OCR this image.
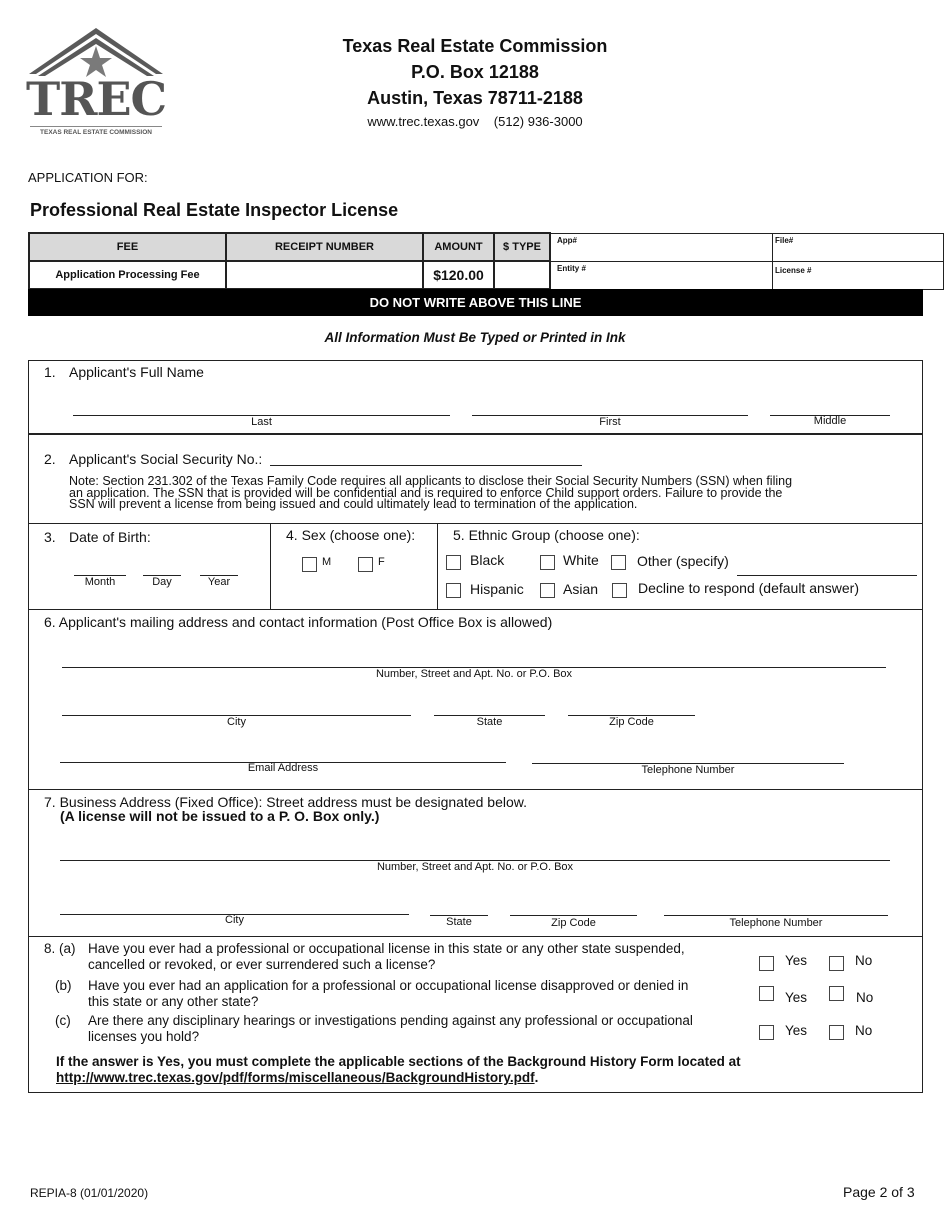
TREC
TEXAS REAL ESTATE COMMISSION
Texas Real Estate Commission
P.O. Box 12188
Austin, Texas 78711-2188
www.trec.texas.gov (512) 936-3000
APPLICATION FOR:
Professional Real Estate Inspector License
FEE	RECEIPT NUMBER	AMOUNT	$ TYPE	App#	File#
Application Processing Fee		$120.00		Entity #	License #
DO NOT WRITE ABOVE THIS LINE
All Information Must Be Typed or Printed in Ink
1. Applicant's Full Name
Last	First	Middle
2. Applicant's Social Security No.:
Note: Section 231.302 of the Texas Family Code requires all applicants to disclose their Social Security Numbers (SSN) when filing
an application. The SSN that is provided will be confidential and is required to enforce Child support orders. Failure to provide the
SSN will prevent a license from being issued and could ultimately lead to termination of the application.
3. Date of Birth:
Month	Day	Year
4. Sex (choose one):
M	F
5. Ethnic Group (choose one):
Black	White	Other (specify)
Hispanic	Asian	Decline to respond (default answer)
6. Applicant's mailing address and contact information (Post Office Box is allowed)
Number, Street and Apt. No. or P.O. Box
City	State	Zip Code
Email Address	Telephone Number
7. Business Address (Fixed Office): Street address must be designated below.
(A license will not be issued to a P. O. Box only.)
Number, Street and Apt. No. or P.O. Box
City	State	Zip Code	Telephone Number
8. (a) Have you ever had a professional or occupational license in this state or any other state suspended,
cancelled or revoked, or ever surrendered such a license?	Yes	No
(b) Have you ever had an application for a professional or occupational license disapproved or denied in
this state or any other state?	Yes	No
(c) Are there any disciplinary hearings or investigations pending against any professional or occupational
licenses you hold?	Yes	No
If the answer is Yes, you must complete the applicable sections of the Background History Form located at
http://www.trec.texas.gov/pdf/forms/miscellaneous/BackgroundHistory.pdf.
REPIA-8 (01/01/2020)	Page 2 of 3
